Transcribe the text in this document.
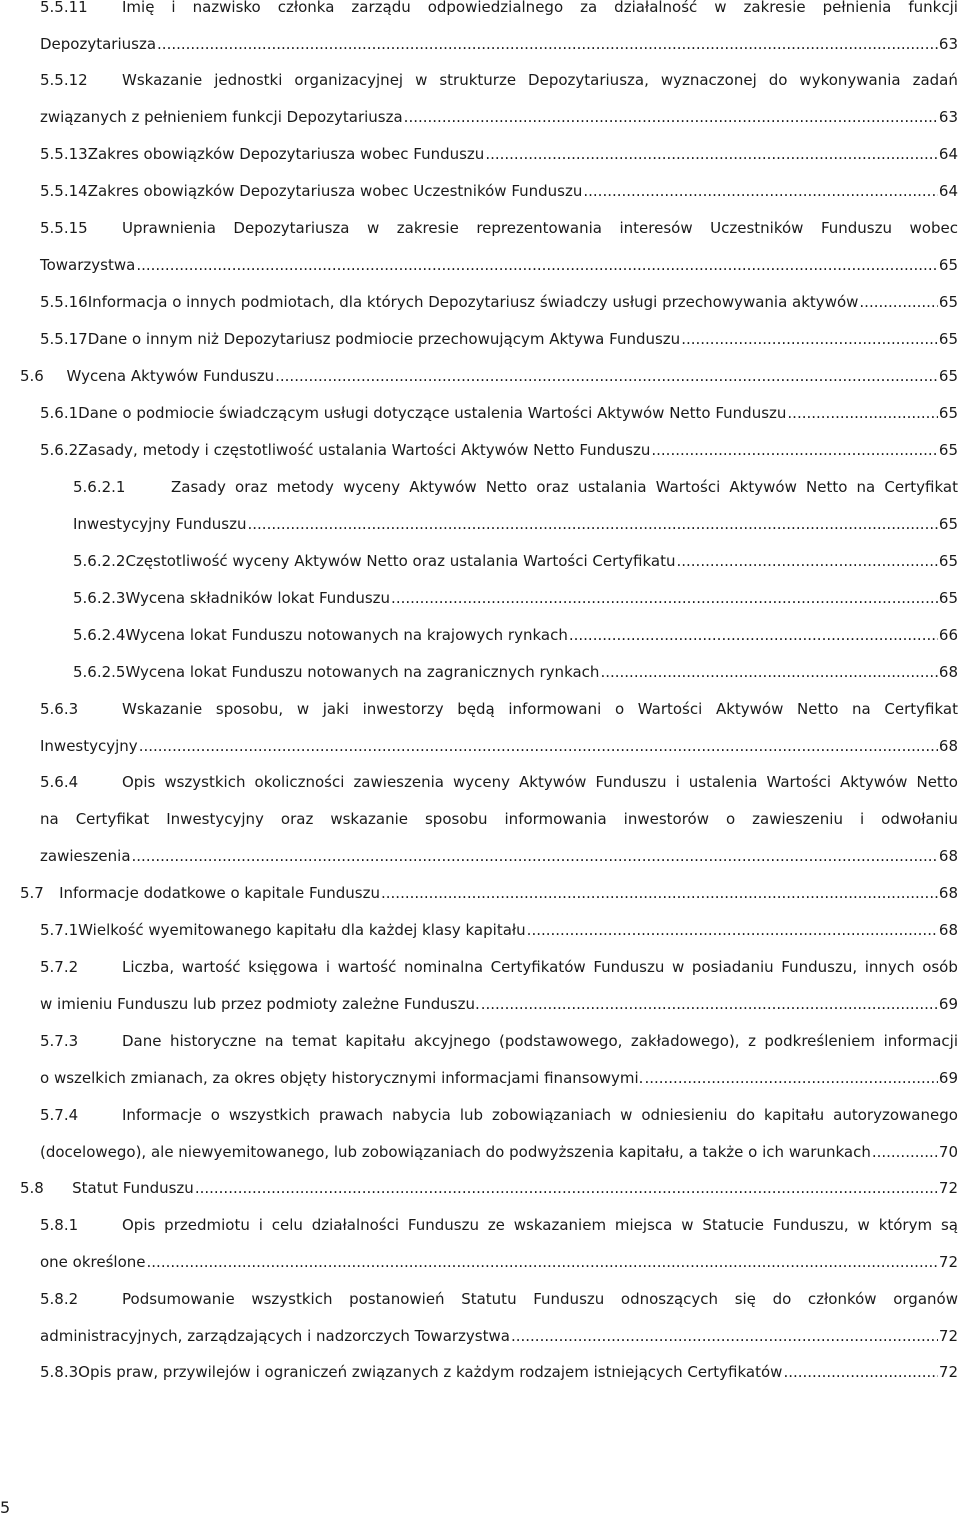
5.5.11	Imię i nazwisko członka zarządu odpowiedzialnego za działalność w zakresie pełnienia funkcji
Depozytariusza .....	63
5.5.12	Wskazanie jednostki organizacyjnej w strukturze Depozytariusza, wyznaczonej do wykonywania zadań
związanych z pełnieniem funkcji Depozytariusza .....	63
5.5.13 Zakres obowiązków Depozytariusza wobec Funduszu .....	64
5.5.14 Zakres obowiązków Depozytariusza wobec Uczestników Funduszu .....	64
5.5.15	Uprawnienia Depozytariusza w zakresie reprezentowania interesów Uczestników Funduszu wobec
Towarzystwa .....	65
5.5.16 Informacja o innych podmiotach, dla których Depozytariusz świadczy usługi przechowywania aktywów .....	65
5.5.17 Dane o innym niż Depozytariusz podmiocie przechowującym Aktywa Funduszu .....	65
5.6	Wycena Aktywów Funduszu .....	65
5.6.1 Dane o podmiocie świadczącym usługi dotyczące ustalenia Wartości Aktywów Netto Funduszu .....	65
5.6.2 Zasady, metody i częstotliwość ustalania Wartości Aktywów Netto Funduszu .....	65
5.6.2.1	Zasady oraz metody wyceny Aktywów Netto oraz ustalania Wartości Aktywów Netto na Certyfikat
Inwestycyjny Funduszu .....	65
5.6.2.2 Częstotliwość wyceny Aktywów Netto oraz ustalania Wartości Certyfikatu .....	65
5.6.2.3 Wycena składników lokat Funduszu .....	65
5.6.2.4 Wycena lokat Funduszu notowanych na krajowych rynkach .....	66
5.6.2.5 Wycena lokat Funduszu notowanych na zagranicznych rynkach .....	68
5.6.3	Wskazanie sposobu, w jaki inwestorzy będą informowani o Wartości Aktywów Netto na Certyfikat
Inwestycyjny .....	68
5.6.4	Opis wszystkich okoliczności zawieszenia wyceny Aktywów Funduszu i ustalenia Wartości Aktywów Netto
na Certyfikat Inwestycyjny oraz wskazanie sposobu informowania inwestorów o zawieszeniu i odwołaniu
zawieszenia .....	68
5.7	Informacje dodatkowe o kapitale Funduszu .....	68
5.7.1 Wielkość wyemitowanego kapitału dla każdej klasy kapitału .....	68
5.7.2	Liczba, wartość księgowa i wartość nominalna Certyfikatów Funduszu w posiadaniu Funduszu, innych osób
w imieniu Funduszu lub przez podmioty zależne Funduszu. .....	69
5.7.3	Dane historyczne na temat kapitału akcyjnego (podstawowego, zakładowego), z podkreśleniem informacji
o wszelkich zmianach, za okres objęty historycznymi informacjami finansowymi. .....	69
5.7.4	Informacje o wszystkich prawach nabycia lub zobowiązaniach w odniesieniu do kapitału autoryzowanego
(docelowego), ale niewyemitowanego, lub zobowiązaniach do podwyższenia kapitału, a także o ich warunkach .....	70
5.8	Statut Funduszu .....	72
5.8.1	Opis przedmiotu i celu działalności Funduszu ze wskazaniem miejsca w Statucie Funduszu, w którym są
one określone .....	72
5.8.2	Podsumowanie wszystkich postanowień Statutu Funduszu odnoszących się do członków organów
administracyjnych, zarządzających i nadzorczych Towarzystwa .....	72
5.8.3 Opis praw, przywilejów i ograniczeń związanych z każdym rodzajem istniejących Certyfikatów .....	72
5
